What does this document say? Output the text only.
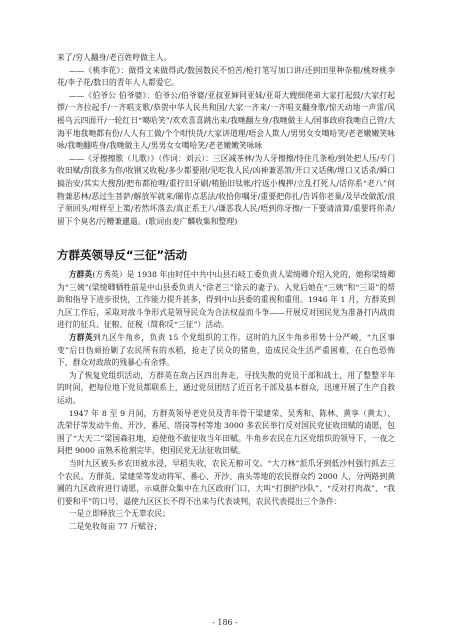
来了/穷人翻身/老百姓哼做主人。

——《桃李花》：做得文来做得武/数国数民不怕苦/枪打笔写加口讲/还到田里种杂粮/桃呀桃李花/李子花/数日的青年人人都爱它。

——《伯爷公 伯爷婆》：伯爷公/伯爷婆/亚叔亚婶同亚妹/亚哥大嫂细佬弟大家打起鼓/大家打起锣/一齐拉起手/一齐唱支歌/恭贺中华人民共和国/大家一齐来/一齐唱支翻身歌/惊天动地一声雷/风摇乌云四面开/一轮红日“噶哈笑”/欢欢喜喜跳出来/我哋翻左身/我哋做主人/国事政府我哋自己管/大海平地我哋都有份/人人有工做/个个咁快货/大家讲道理/唔会人欺人/男男女女噶哈笑/老老嫩嫩笑咏咏/我哋翻咗身/我哋做主人/男男女女噶哈笑/老老嫩嫩笑咏咏

——《牙擦擦歌（儿歌）》（作词：刘云）：三区减茶林/为人牙擦擦/恃住几条枪/到处把人压/专门收田赋/刮我多为你/收钢又收税/多少都要剐/见吃我人民/凶神兼恶煞/开口又话佛/埋口又话杀/瞬口搞治安/其实大搜刮/把布都抢哩/重拧旧牙刷/稍胎旧钛帐/拧返小槐押/立乱打死人/话你系“老八”何物兼恶林/恶过生菩萨/解放军就来/睇你点恶法/收拾你嘱牙/重要把你扎/告诉你老巢/及早改做派/浪子须回头/咁样至上策/若然坏落去/真正系王八/谦恶我人民/唔到你牙擦/一下要请清算/重要将你杀/留下个臭名/污糟兼邋遢。(歌词由麦广麟收集和整理)

方群英领导反“三征”活动

方群英(方秀英）是 1938 年由时任中共中山县石岐工委负责人梁绮卿介绍入党的，她称梁绮卿为“三姨”(梁绮卿牺牲前是中山县委负责人“徐老三”徐云的妻子)。入党后她在“三姨”和“三哥”的帮助和指导下进步很快，工作能力提升甚多，得到中山县委的重视和重用。1946 年 1 月，方群英到九区工作后，采取对敌斗争形式是领导民众为合法权益而斗争——开展反对国民党为准备打内战而进行的征兵、征粮、征税（简称反“三征”）活动。

方群英到九区牛角乡，负责 15 个党组织的工作。这时的九区牛角乡形势十分严峻，“九区事变”后日伪顽抬剿了农民所有的水稻，抢走了民众的猪鱼，造成民众生活严重困难，在白色恐怖下，群众对政敌的残暴心有余悸。

为了恢复党组织活动，方群英在敌占区四出奔走，寻找失散的党员干部和战士，用了整整半年的时间，把每位地下党员都联系上，通过党员团结了近百名干部及基本群众，迅速开展了生产自救运动。

1947 年 8 至 9 月间，方群英领导老党员及青年骨干梁建荣、吴秀和、陈林、黄享（黄太）、冼荣仔等发动牛角、开沙、番尾、塔岗等村等地 3000 多农民举行反对国民党征收田赋的请愿，包围了“大天二”梁国森驻地，迫使他不敢征收当年田赋。牛角乡农民在九区党组织的领导下，一夜之间把 9000 亩熟禾抢割完毕，使国民党无法征收田赋。

当时九区被头乡农田被水浸，早稻失收，农民无粮可交。“大刀林”派爪牙到低沙村强行抓去三个农民。方群英、梁建荣等发动将军、番心、开沙、南头等地的农民群众约 2000 人，分两路到黄圃的九区政府进行请愿，示威群众集中在九区政府门口，大叫“打倒护沙队”、“反对打肉战”、“我们要和平”的口号，逼使九区区长不得不出来与代表谈判，农民代表提出三个条件：

一是立即释放三个无辜农民；

二是免收每亩 77 斤赋谷；

- 186 -
